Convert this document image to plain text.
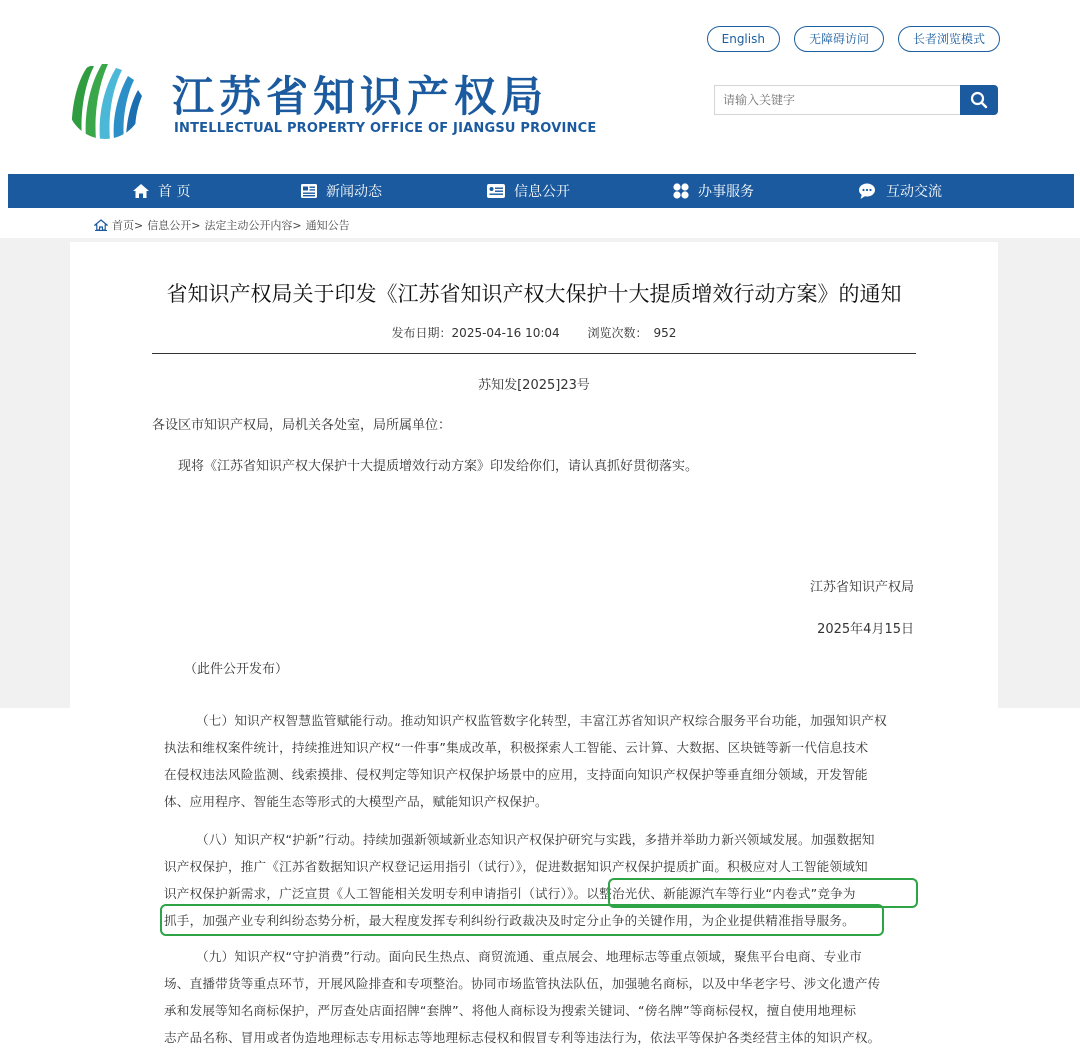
English	无障碍访问	长者浏览模式
江苏省知识产权局
INTELLECTUAL PROPERTY OFFICE OF JIANGSU PROVINCE
请输入关键字
首 页	新闻动态	信息公开	办事服务	互动交流
首页> 信息公开> 法定主动公开内容> 通知公告
省知识产权局关于印发《江苏省知识产权大保护十大提质增效行动方案》的通知
发布日期：2025-04-16 10:04 浏览次数： 952
苏知发[2025]23号
各设区市知识产权局，局机关各处室，局所属单位：
现将《江苏省知识产权大保护十大提质增效行动方案》印发给你们，请认真抓好贯彻落实。
江苏省知识产权局
2025年4月15日
（此件公开发布）
（七）知识产权智慧监管赋能行动。推动知识产权监管数字化转型，丰富江苏省知识产权综合服务平台功能，加强知识产权
执法和维权案件统计，持续推进知识产权“一件事”集成改革，积极探索人工智能、云计算、大数据、区块链等新一代信息技术
在侵权违法风险监测、线索摸排、侵权判定等知识产权保护场景中的应用，支持面向知识产权保护等垂直细分领域，开发智能
体、应用程序、智能生态等形式的大模型产品，赋能知识产权保护。
（八）知识产权“护新”行动。持续加强新领域新业态知识产权保护研究与实践，多措并举助力新兴领域发展。加强数据知
识产权保护，推广《江苏省数据知识产权登记运用指引（试行）》，促进数据知识产权保护提质扩面。积极应对人工智能领域知
识产权保护新需求，广泛宣贯《人工智能相关发明专利申请指引（试行）》。以整治光伏、新能源汽车等行业“内卷式”竞争为
抓手，加强产业专利纠纷态势分析，最大程度发挥专利纠纷行政裁决及时定分止争的关键作用，为企业提供精准指导服务。
（九）知识产权“守护消费”行动。面向民生热点、商贸流通、重点展会、地理标志等重点领域，聚焦平台电商、专业市
场、直播带货等重点环节，开展风险排查和专项整治。协同市场监管执法队伍，加强驰名商标，以及中华老字号、涉文化遗产传
承和发展等知名商标保护，严厉查处店面招牌“套牌”、将他人商标设为搜索关键词、“傍名牌”等商标侵权，擅自使用地理标
志产品名称、冒用或者伪造地理标志专用标志等地理标志侵权和假冒专利等违法行为，依法平等保护各类经营主体的知识产权。
